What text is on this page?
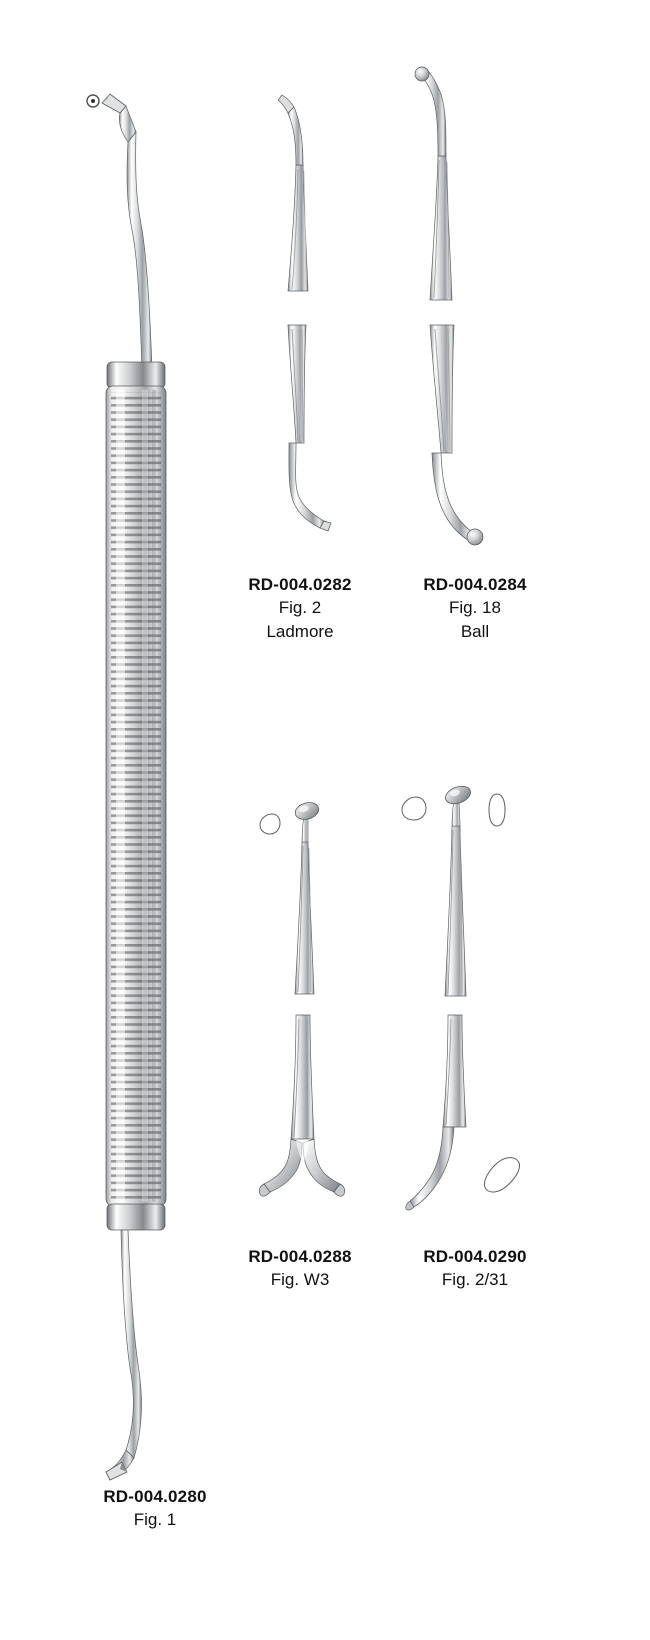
RD-004.0282
Fig. 2
Ladmore
RD-004.0284
Fig. 18
Ball
RD-004.0288
Fig. W3
RD-004.0290
Fig. 2/31
RD-004.0280
Fig. 1
